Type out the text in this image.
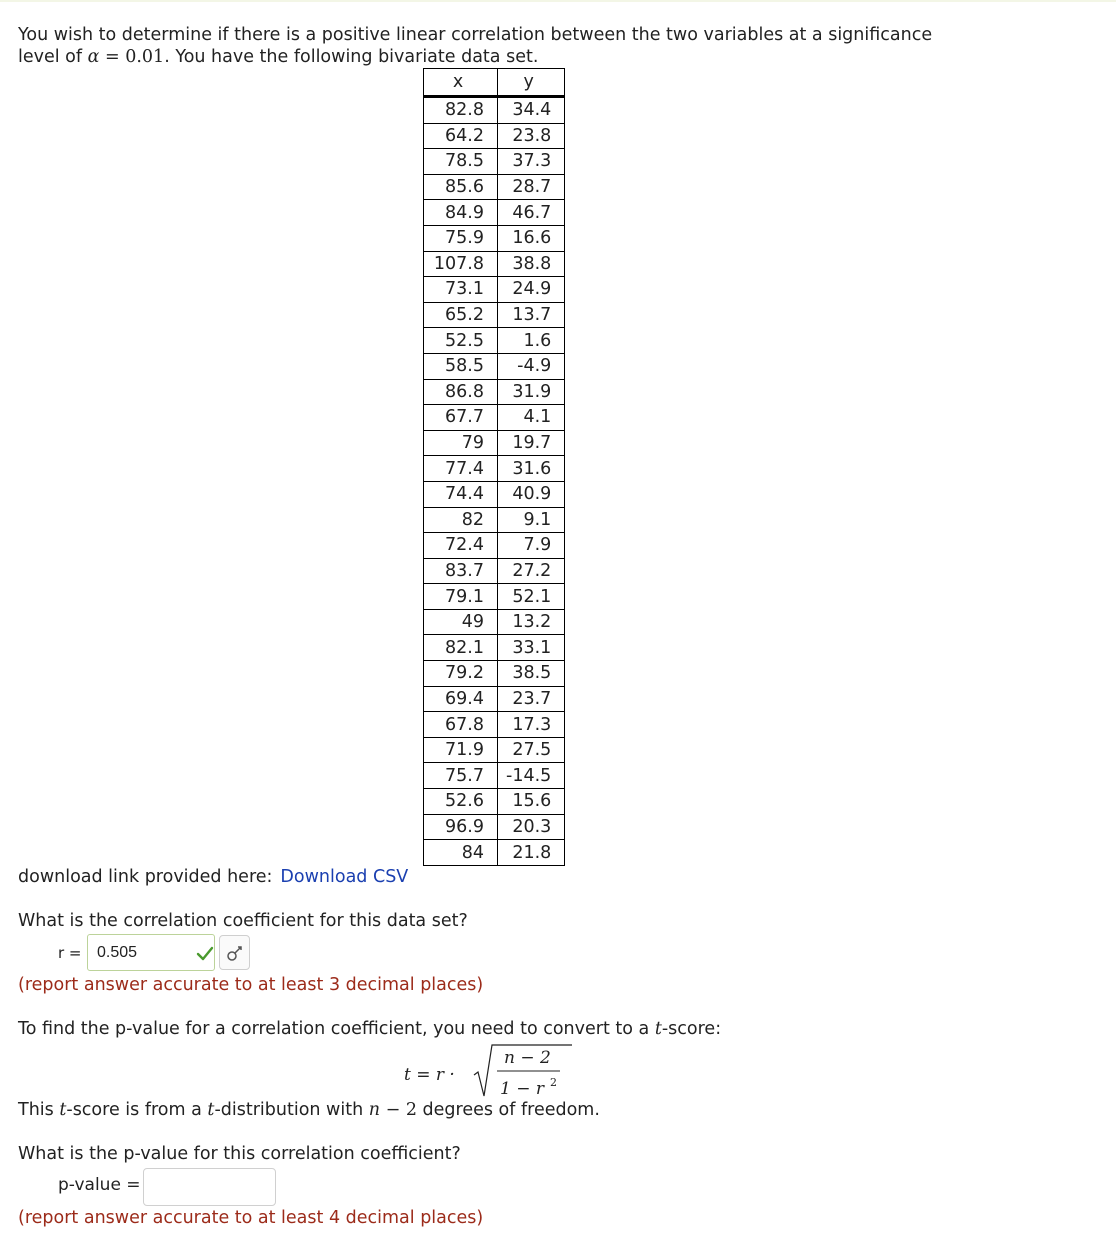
You wish to determine if there is a positive linear correlation between the two variables at a significance
level of α = 0.01. You have the following bivariate data set.
x	y
82.8	34.4
64.2	23.8
78.5	37.3
85.6	28.7
84.9	46.7
75.9	16.6
107.8	38.8
73.1	24.9
65.2	13.7
52.5	1.6
58.5	-4.9
86.8	31.9
67.7	4.1
79	19.7
77.4	31.6
74.4	40.9
82	9.1
72.4	7.9
83.7	27.2
79.1	52.1
49	13.2
82.1	33.1
79.2	38.5
69.4	23.7
67.8	17.3
71.9	27.5
75.7	-14.5
52.6	15.6
96.9	20.3
84	21.8
download link provided here: Download CSV
What is the correlation coefficient for this data set?
r = 0.505
(report answer accurate to at least 3 decimal places)
To find the p-value for a correlation coefficient, you need to convert to a t-score:
t = r ·
n − 2
1 − r 2
This t-score is from a t-distribution with n − 2 degrees of freedom.
What is the p-value for this correlation coefficient?
p-value =
(report answer accurate to at least 4 decimal places)
